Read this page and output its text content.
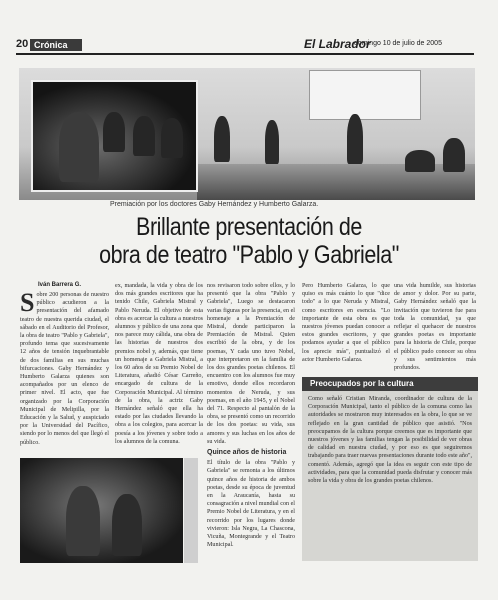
20 Crónica	El Labrador
domingo 10 de julio de 2005
Premiación por los doctores Gaby Hernández y Humberto Galarza.
Brillante presentación de
obra de teatro "Pablo y Gabriela"
Iván Barrera G.
Sobre 200 personas de nuestro público acudieron a la presentación del afamado teatro de nuestra querida ciudad, el sábado en el Auditorio del Profesor, la obra de teatro "Pablo y Gabriela", profundo tema que sucesivamente 12 años de tensión inquebrantable de dos familias en sus muchas bifurcaciones. Gaby Hernández y Humberto Galarza quienes son acompañados por un elenco de primer nivel. El acto, que fue organizado por la Corporación Municipal de Melipilla, por la Educación y la Salud, y auspiciado por la Universidad del Pacífico, siendo por lo menos del que llegó el público.
ex, mandada, la vida y obra de los dos más grandes escritores que ha tenido Chile, Gabriela Mistral y Pablo Neruda. El objetivo de esta obra es acercar la cultura a nuestros alumnos y público de una zona que nos parece muy cálida, una obra de las historias de nuestros dos premios nobel y, además, que tiene un homenaje a Gabriela Mistral, a los 60 años de su Premio Nobel de Literatura, añadió César Carreño, encargado de cultura de la Corporación Municipal. Al término de la obra, la actriz Gaby Hernández señaló que ella ha estado por las ciudades llevando la obra a los colegios, para acercar la poesía a los jóvenes y sobre todo a los alumnos de la comuna.
nos revisaron todo sobre ellos, y lo presentó que la obra "Pablo y Gabriela", Luego se destacaron varias figuras por la presencia, en el homenaje a la Premiación de Mistral, donde participaron la Premiación de Mistral. Quien escribió de la obra, y de los poemas, Y cada uno tuvo Nobel, que interpretaron en la familia de los dos grandes poetas chilenos. El encuentro con los alumnos fue muy emotivo, donde ellos recordaron momentos de Neruda, y sus poemas, en el año 1945, y el Nobel del 71. Respecto al pantalón de la obra, se presentó como un recorrido de los dos poetas: su vida, sus amores y sus luchas en los años de su vida.
Quince años de historia
El título de la obra "Pablo y Gabriela" se remonta a los últimos quince años de historia de ambos poetas, desde su época de juventud en la Araucanía, hasta su consagración a nivel mundial con el Premio Nobel de Literatura, y en el recorrido por los lugares donde vivieron: Isla Negra, La Chascona, Vicuña, Montegrande y el Teatro Municipal.
Pero Humberto Galarza, lo que quiso es más cuánto lo que "dice todo" a lo que Neruda y Mistral, como escritores en esencia. "Lo importante de esta obra es que nuestros jóvenes puedan conocer a estos grandes escritores, y que podamos ayudar a que el público los aprecie más", puntualizó el actor Humberto Galarza.
una vida humilde, sus historias de amor y dolor. Por su parte, Gaby Hernández señaló que la invitación que tuvieron fue para toda la comunidad, ya que reflejar el quehacer de nuestros grandes poetas es importante para la historia de Chile, porque el público pudo conocer su obra y sus sentimientos más profundos.
Preocupados por la cultura
Como señaló Cristian Miranda, coordinador de cultura de la Corporación Municipal, tanto el público de la comuna como las autoridades se mostraron muy interesados en la obra, lo que se ve reflejado en la gran cantidad de público que asistió. "Nos preocupamos de la cultura porque creemos que es importante que nuestros jóvenes y las familias tengan la posibilidad de ver obras de calidad en nuestra ciudad, y por eso es que seguiremos trabajando para traer nuevas presentaciones durante todo este año", comentó. Además, agregó que la idea es seguir con este tipo de actividades, para que la comunidad pueda disfrutar y conocer más sobre la vida y obra de los grandes poetas chilenos.
